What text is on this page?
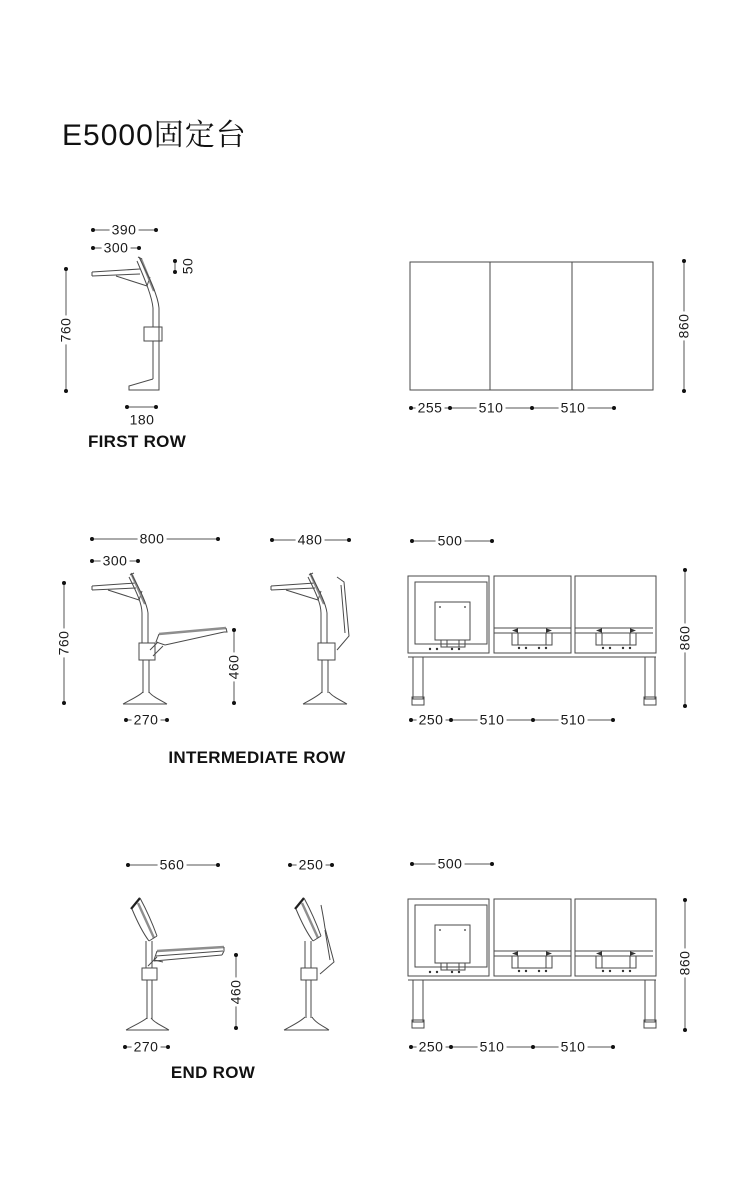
E5000固定台
390
300
50
760
180
860
255	510	510
800
300
760
460
270
480	500
860
250	510	510
560
460
270
250	500
860
250	510	510
FIRST ROW
INTERMEDIATE ROW
END ROW
